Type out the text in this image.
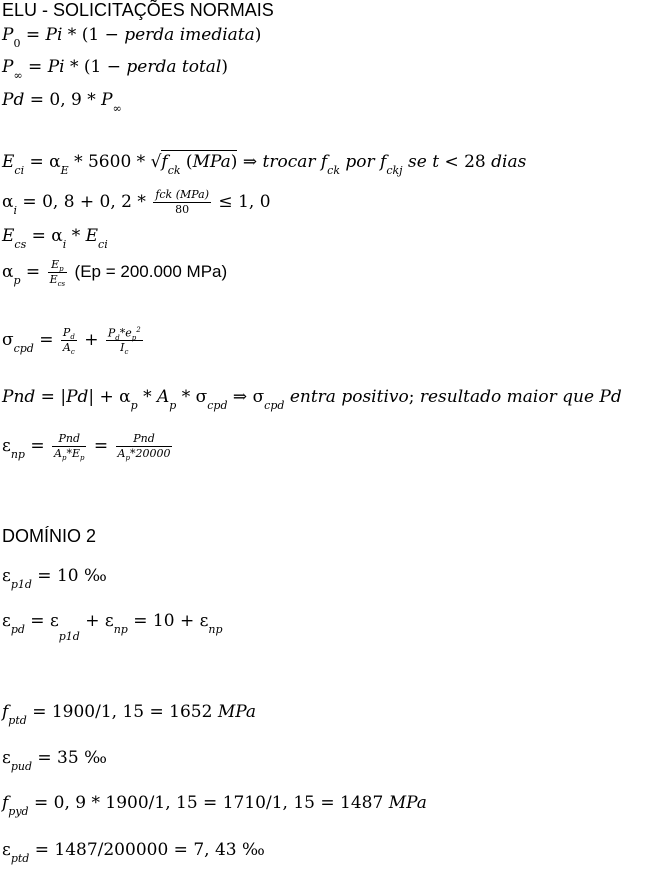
ELU - SOLICITAÇÕES NORMAIS
$P_0 = Pi * (1$ − perda imediata)
$P_\infty = Pi * (1$ − perda total)
Pd = 0, $9 * P_\infty$
$E_{ci} = \alpha_E * 5600 * √f_{ck}$ (MPa) ⇒ trocar $f_{ck}$ por $f_{ckj}$ se t < 28 dias
$\alpha_i = 0$, 8 + 0, $2 * \frac{\text{fck (MPa)}}{80} \le 1$, 0
$E_{cs} = \alpha_i * E_{ci}$
$\alpha_p = \frac{E_p}{E_{cs}} (Ep = 200.000$ MPa)
$\sigma_{cpd} = \frac{P_d}{A_c} + \frac{P_d*e_p^2}{I_c}$
Pnd = $|Pd| + \alpha_p * A_p * \sigma_{cpd}$ ⇒ $\sigma_{cpd}$ entra positivo; resultado maior que Pd
$\varepsilon_{np} = \frac{\text{Pnd}}{A_p*E_p} = \frac{\text{Pnd}}{A_p*20000}$
DOMÍNIO 2
$\varepsilon_{p1d} = 10$ ‰
$\varepsilon_{pd} = \varepsilon_{p1d} + \varepsilon_{np} = 10 + \varepsilon_{np}$
$f_{ptd} = 1900/1$, 15 = 1652 MPa
$\varepsilon_{pud} = 35$ ‰
$f_{pyd} = 0$, 9 * 1900/1, 15 = 1710/1, 15 = 1487 MPa
$\varepsilon_{ptd} = 1487/200000 = 7$, 43 ‰
